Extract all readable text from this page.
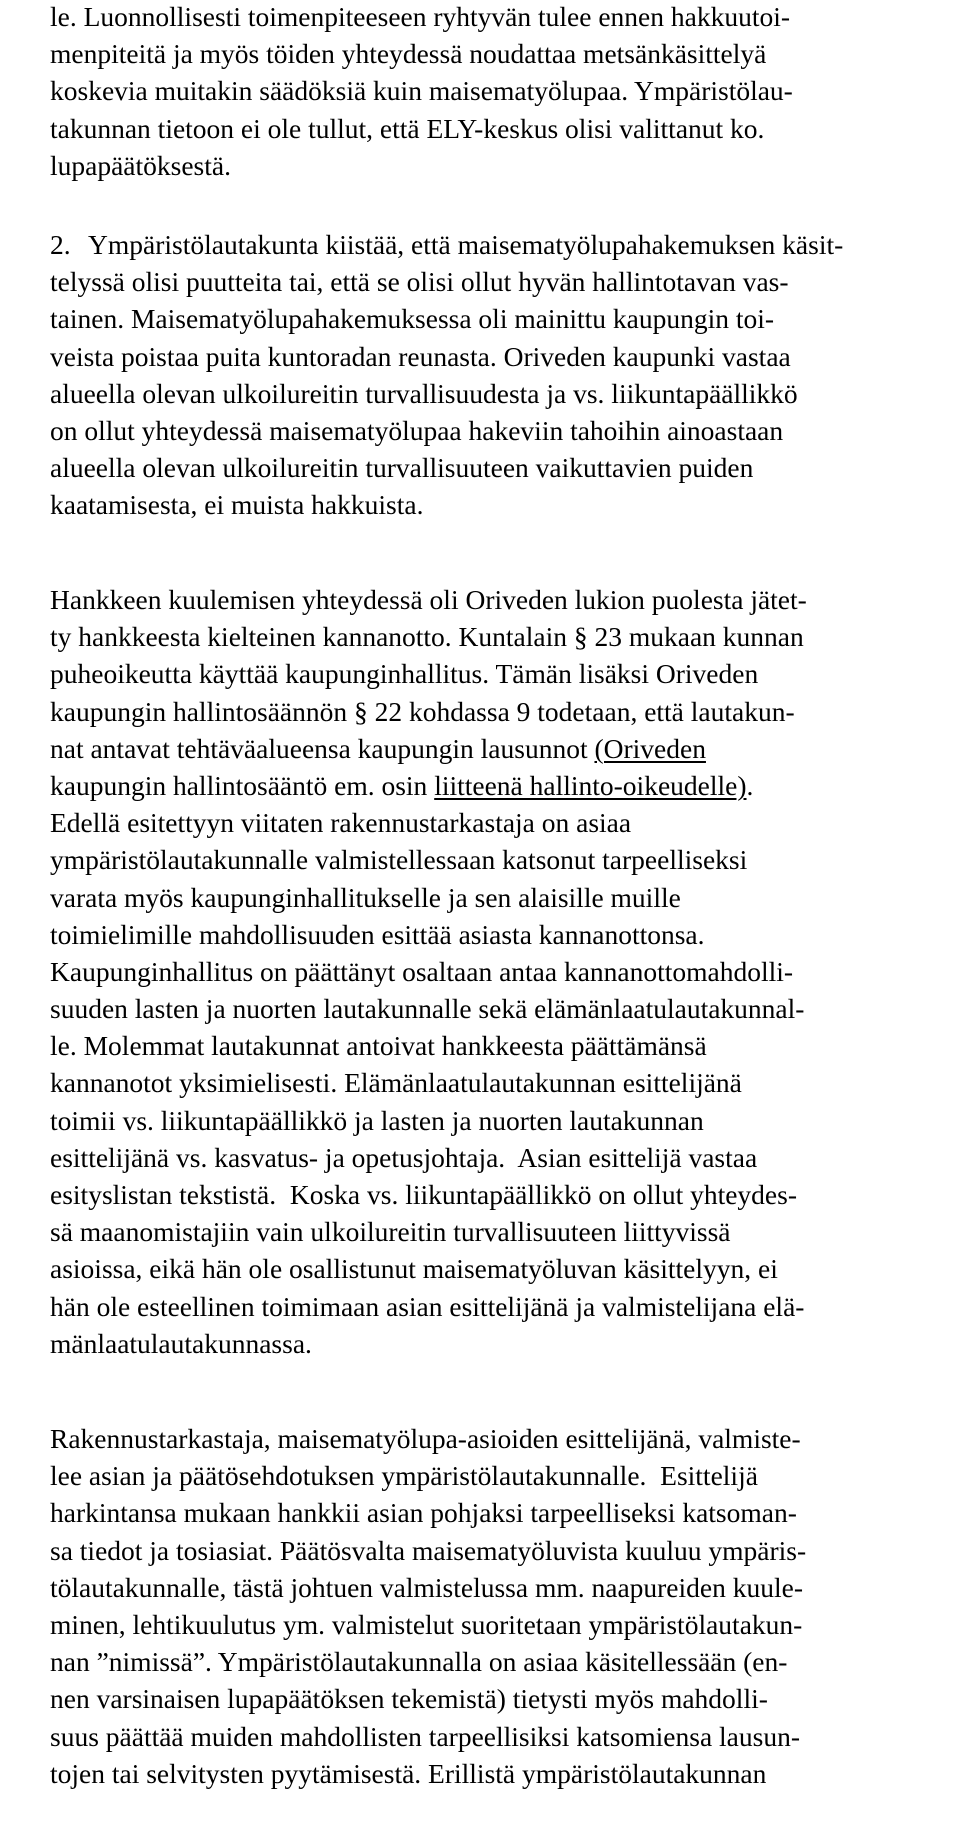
le. Luonnollisesti toimenpiteeseen ryhtyvän tulee ennen hakkuutoi-
menpiteitä ja myös töiden yhteydessä noudattaa metsänkäsittelyä
koskevia muitakin säädöksiä kuin maisematyölupaa. Ympäristölau-
takunnan tietoon ei ole tullut, että ELY-keskus olisi valittanut ko.
lupapäätöksestä.
2. Ympäristölautakunta kiistää, että maisematyölupahakemuksen käsit-
telyssä olisi puutteita tai, että se olisi ollut hyvän hallintotavan vas-
tainen. Maisematyölupahakemuksessa oli mainittu kaupungin toi-
veista poistaa puita kuntoradan reunasta. Oriveden kaupunki vastaa
alueella olevan ulkoilureitin turvallisuudesta ja vs. liikuntapäällikkö
on ollut yhteydessä maisematyölupaa hakeviin tahoihin ainoastaan
alueella olevan ulkoilureitin turvallisuuteen vaikuttavien puiden
kaatamisesta, ei muista hakkuista.
Hankkeen kuulemisen yhteydessä oli Oriveden lukion puolesta jätet-
ty hankkeesta kielteinen kannanotto. Kuntalain § 23 mukaan kunnan
puheoikeutta käyttää kaupunginhallitus. Tämän lisäksi Oriveden
kaupungin hallintosäännön § 22 kohdassa 9 todetaan, että lautakun-
nat antavat tehtäväalueensa kaupungin lausunnot (Oriveden
kaupungin hallintosääntö em. osin liitteenä hallinto-oikeudelle).
Edellä esitettyyn viitaten rakennustarkastaja on asiaa
ympäristölautakunnalle valmistellessaan katsonut tarpeelliseksi
varata myös kaupunginhallitukselle ja sen alaisille muille
toimielimille mahdollisuuden esittää asiasta kannanottonsa.
Kaupunginhallitus on päättänyt osaltaan antaa kannanottomahdolli-
suuden lasten ja nuorten lautakunnalle sekä elämänlaatulautakunnal-
le. Molemmat lautakunnat antoivat hankkeesta päättämänsä
kannanotot yksimielisesti. Elämänlaatulautakunnan esittelijänä
toimii vs. liikuntapäällikkö ja lasten ja nuorten lautakunnan
esittelijänä vs. kasvatus- ja opetusjohtaja.  Asian esittelijä vastaa
esityslistan tekstistä.  Koska vs. liikuntapäällikkö on ollut yhteydes-
sä maanomistajiin vain ulkoilureitin turvallisuuteen liittyvissä
asioissa, eikä hän ole osallistunut maisematyöluvan käsittelyyn, ei
hän ole esteellinen toimimaan asian esittelijänä ja valmistelijana elä-
mänlaatulautakunnassa.
Rakennustarkastaja, maisematyölupa-asioiden esittelijänä, valmiste-
lee asian ja päätösehdotuksen ympäristölautakunnalle.  Esittelijä
harkintansa mukaan hankkii asian pohjaksi tarpeelliseksi katsoman-
sa tiedot ja tosiasiat. Päätösvalta maisematyöluvista kuuluu ympäris-
tölautakunnalle, tästä johtuen valmistelussa mm. naapureiden kuule-
minen, lehtikuulutus ym. valmistelut suoritetaan ympäristölautakun-
nan ”nimissä”. Ympäristölautakunnalla on asiaa käsitellessään (en-
nen varsinaisen lupapäätöksen tekemistä) tietysti myös mahdolli-
suus päättää muiden mahdollisten tarpeellisiksi katsomiensa lausun-
tojen tai selvitysten pyytämisestä. Erillistä ympäristölautakunnan
